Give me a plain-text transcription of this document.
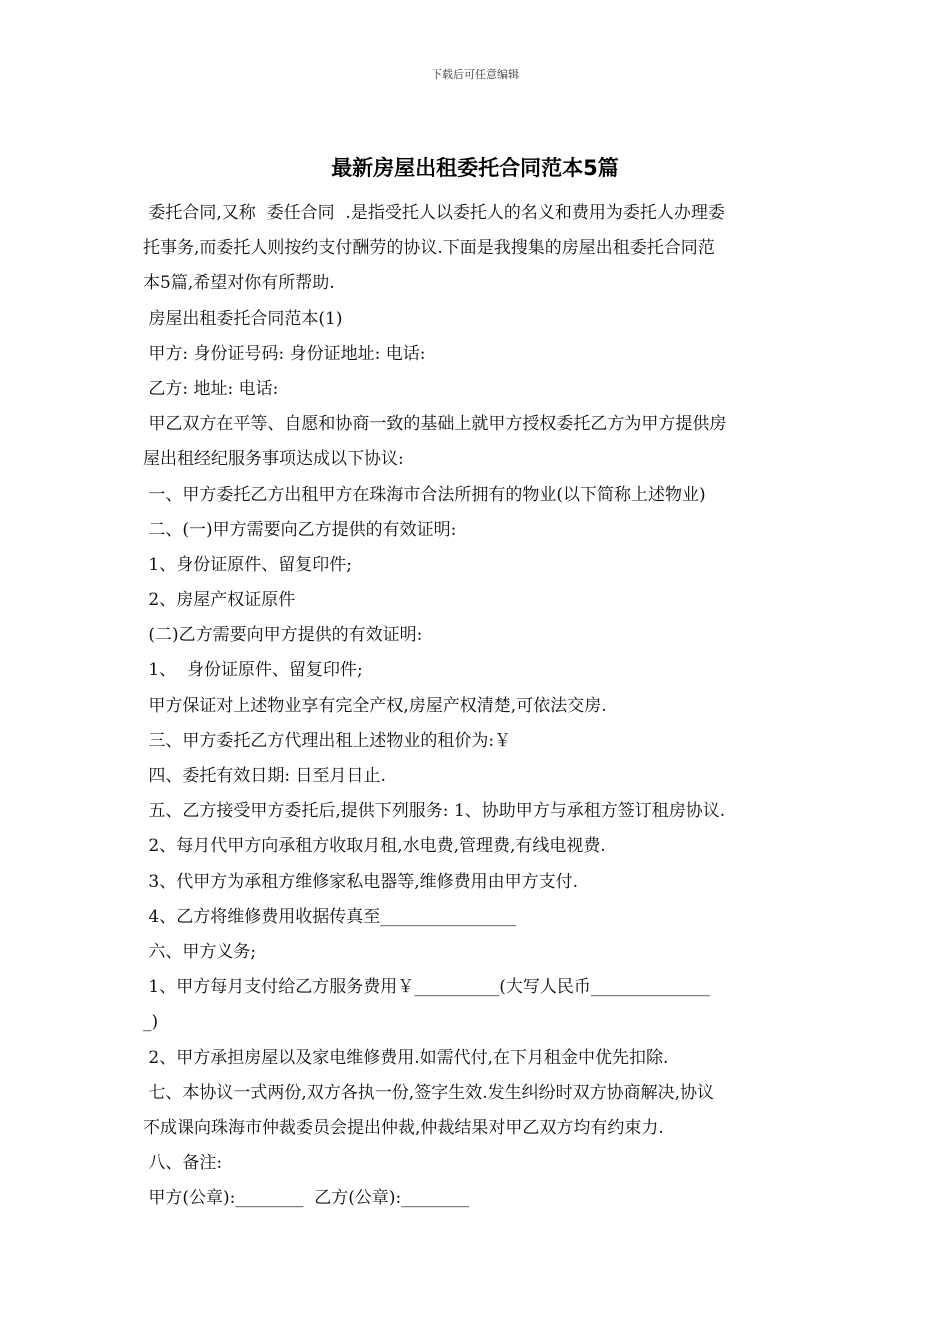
下载后可任意编辑
最新房屋出租委托合同范本5篇
委托合同,又称  委任合同  .是指受托人以委托人的名义和费用为委托人办理委
托事务,而委托人则按约支付酬劳的协议.下面是我搜集的房屋出租委托合同范
本5篇,希望对你有所帮助.
房屋出租委托合同范本(1)
甲方: 身份证号码: 身份证地址: 电话:
乙方: 地址: 电话:
甲乙双方在平等、自愿和协商一致的基础上就甲方授权委托乙方为甲方提供房
屋出租经纪服务事项达成以下协议:
一、甲方委托乙方出租甲方在珠海市合法所拥有的物业(以下简称上述物业)
二、(一)甲方需要向乙方提供的有效证明:
1、身份证原件、留复印件;
2、房屋产权证原件
(二)乙方需要向甲方提供的有效证明:
1、  身份证原件、留复印件;
甲方保证对上述物业享有完全产权,房屋产权清楚,可依法交房.
三、甲方委托乙方代理出租上述物业的租价为:￥
四、委托有效日期: 日至月日止.
五、乙方接受甲方委托后,提供下列服务: 1、协助甲方与承租方签订租房协议.
2、每月代甲方向承租方收取月租,水电费,管理费,有线电视费.
3、代甲方为承租方维修家私电器等,维修费用由甲方支付.
4、乙方将维修费用收据传真至________________
六、甲方义务;
1、甲方每月支付给乙方服务费用￥__________(大写人民币______________
_)
2、甲方承担房屋以及家电维修费用.如需代付,在下月租金中优先扣除.
七、本协议一式两份,双方各执一份,签字生效.发生纠纷时双方协商解决,协议
不成课向珠海市仲裁委员会提出仲裁,仲裁结果对甲乙双方均有约束力.
八、备注:
甲方(公章):________  乙方(公章):________
